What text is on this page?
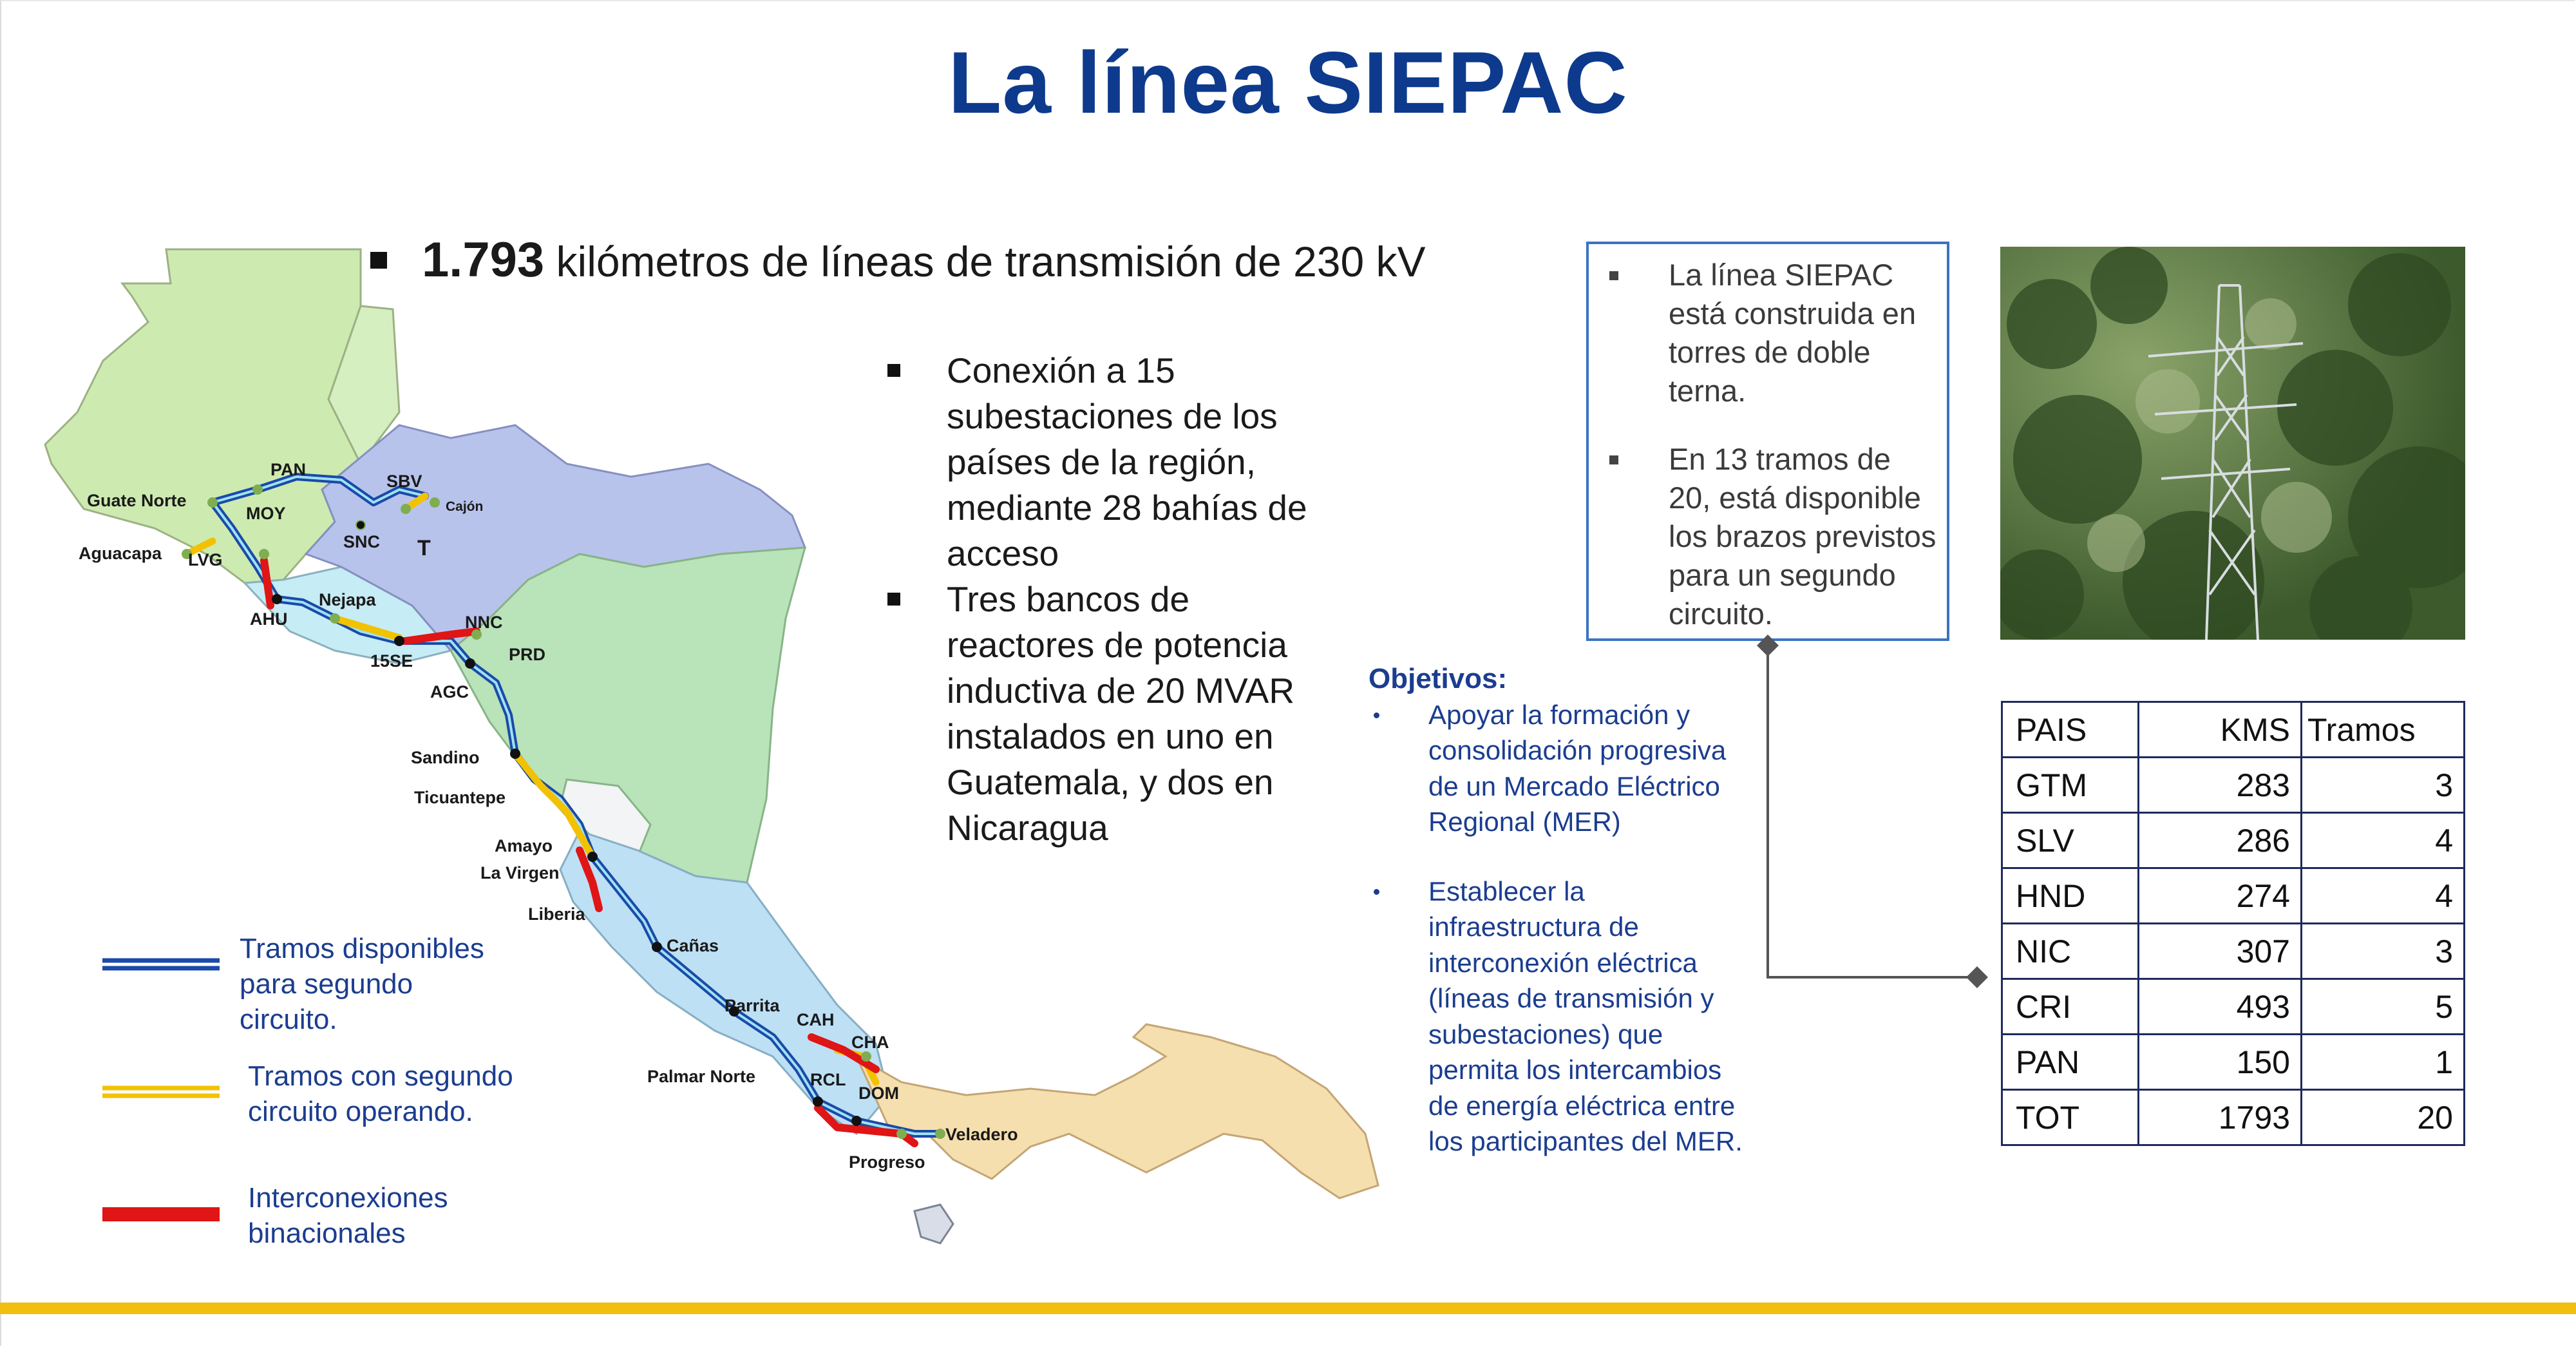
La línea SIEPAC
Guate Norte
PAN
SBV
Cajón
MOY
SNC T
Aguacapa LVG
Nejapa
AHU	NNC
15SE	PRD
AGC
Sandino
Ticuantepe
Amayo
La Virgen
Liberia
Cañas
Parrita
CAH
CHA
Palmar Norte	RCL
DOM
Veladero
Progreso
1.793 kilómetros de líneas de transmisión de 230 kV
Conexión a 15 subestaciones de los países de la región, mediante 28 bahías de acceso
Tres bancos de reactores de potencia inductiva de 20 MVAR instalados en uno en Guatemala, y dos en Nicaragua
Objetivos:
Apoyar la formación y consolidación progresiva de un Mercado Eléctrico Regional (MER)
Establecer la infraestructura de interconexión eléctrica (líneas de transmisión y subestaciones) que permita los intercambios de energía eléctrica entre los participantes del MER.
La línea SIEPAC está construida en torres de doble terna.
En 13 tramos de 20, está disponible los brazos previstos para un segundo circuito.
PAIS	KMS	Tramos
GTM	283	3
SLV	286	4
HND	274	4
NIC	307	3
CRI	493	5
PAN	150	1
TOT	1793	20
Tramos disponibles para segundo circuito.
Tramos con segundo circuito operando.
Interconexiones binacionales
